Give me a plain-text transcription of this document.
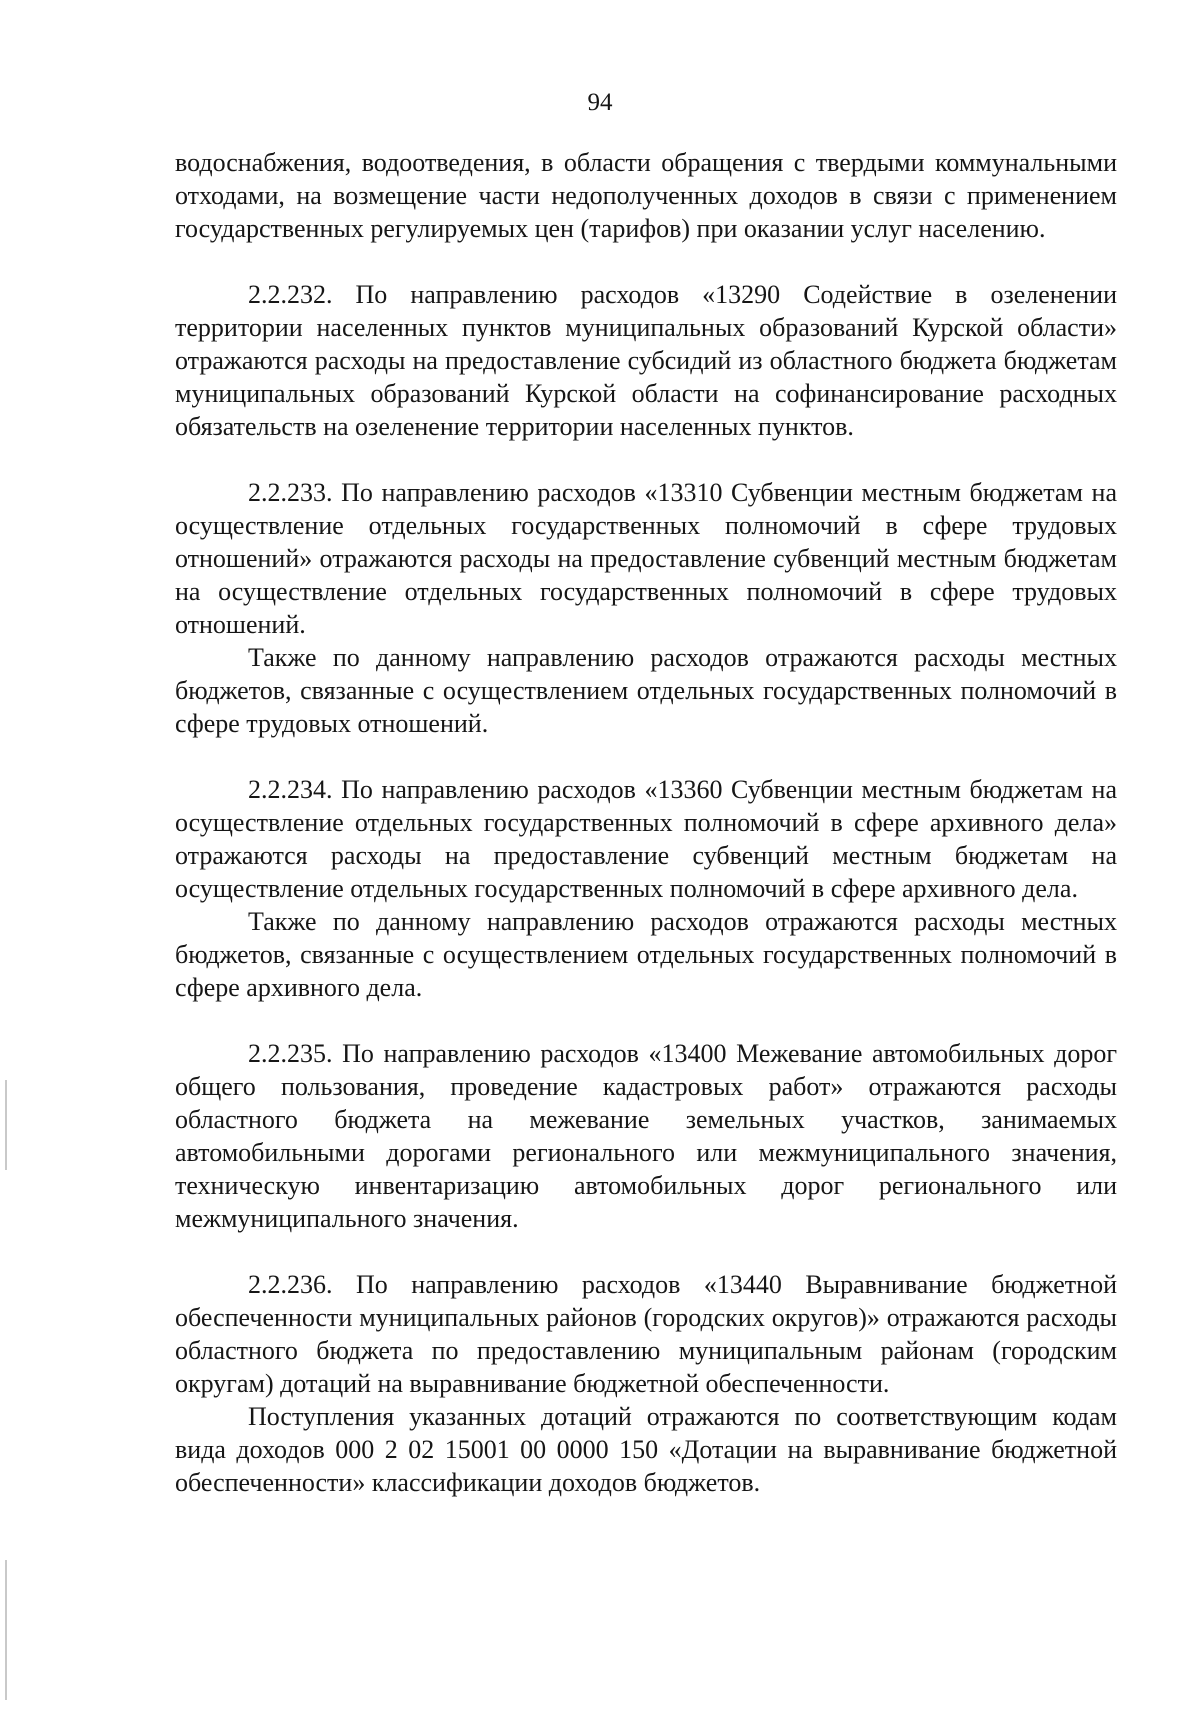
94

водоснабжения, водоотведения, в области обращения с твердыми коммунальными отходами, на возмещение части недополученных доходов в связи с применением государственных регулируемых цен (тарифов) при оказании услуг населению.

2.2.232. По направлению расходов «13290 Содействие в озеленении территории населенных пунктов муниципальных образований Курской области» отражаются расходы на предоставление субсидий из областного бюджета бюджетам муниципальных образований Курской области на софинансирование расходных обязательств на озеленение территории населенных пунктов.

2.2.233. По направлению расходов «13310 Субвенции местным бюджетам на осуществление отдельных государственных полномочий в сфере трудовых отношений» отражаются расходы на предоставление субвенций местным бюджетам на осуществление отдельных государственных полномочий в сфере трудовых отношений.

Также по данному направлению расходов отражаются расходы местных бюджетов, связанные с осуществлением отдельных государственных полномочий в сфере трудовых отношений.

2.2.234. По направлению расходов «13360 Субвенции местным бюджетам на осуществление отдельных государственных полномочий в сфере архивного дела» отражаются расходы на предоставление субвенций местным бюджетам на осуществление отдельных государственных полномочий в сфере архивного дела.

Также по данному направлению расходов отражаются расходы местных бюджетов, связанные с осуществлением отдельных государственных полномочий в сфере архивного дела.

2.2.235. По направлению расходов «13400 Межевание автомобильных дорог общего пользования, проведение кадастровых работ» отражаются расходы областного бюджета на межевание земельных участков, занимаемых автомобильными дорогами регионального или межмуниципального значения, техническую инвентаризацию автомобильных дорог регионального или межмуниципального значения.

2.2.236. По направлению расходов «13440 Выравнивание бюджетной обеспеченности муниципальных районов (городских округов)» отражаются расходы областного бюджета по предоставлению муниципальным районам (городским округам) дотаций на выравнивание бюджетной обеспеченности.

Поступления указанных дотаций отражаются по соответствующим кодам вида доходов 000 2 02 15001 00 0000 150 «Дотации на выравнивание бюджетной обеспеченности» классификации доходов бюджетов.
